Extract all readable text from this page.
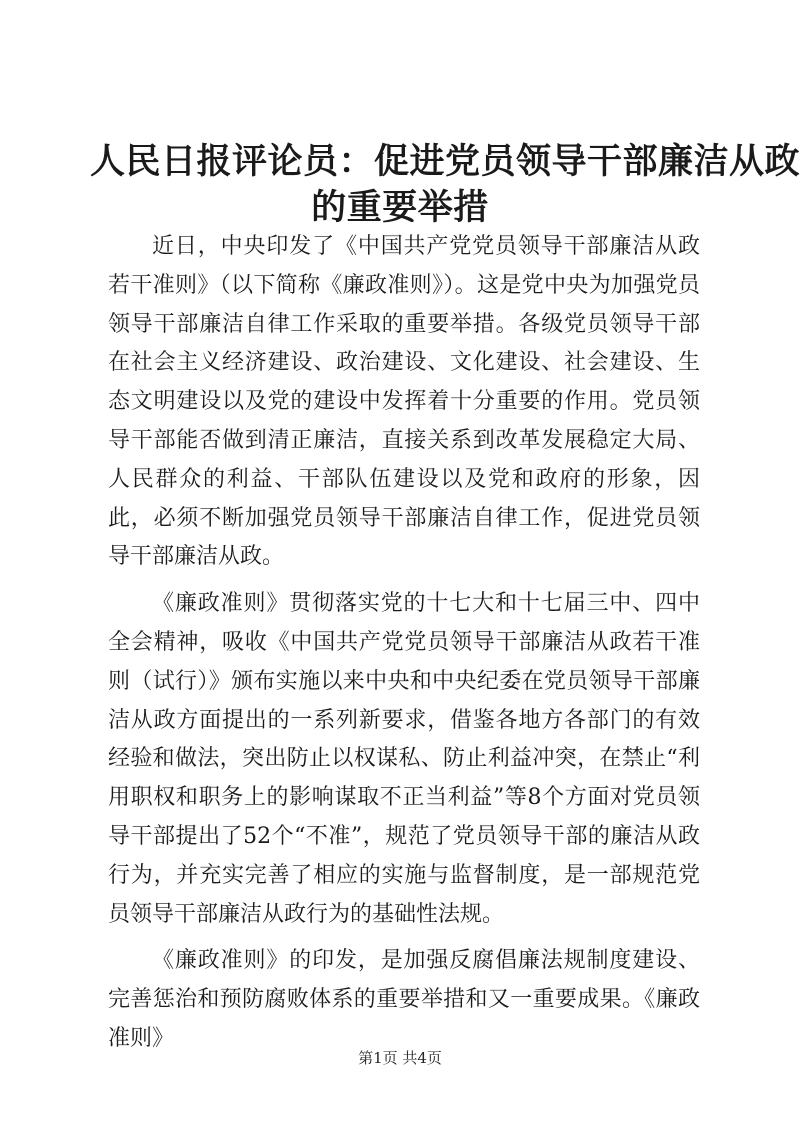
人民日报评论员：促进党员领导干部廉洁从政
的重要举措

近日，中央印发了《中国共产党党员领导干部廉洁从政若干准则》（以下简称《廉政准则》）。这是党中央为加强党员领导干部廉洁自律工作采取的重要举措。各级党员领导干部在社会主义经济建设、政治建设、文化建设、社会建设、生态文明建设以及党的建设中发挥着十分重要的作用。党员领导干部能否做到清正廉洁，直接关系到改革发展稳定大局、人民群众的利益、干部队伍建设以及党和政府的形象，因此，必须不断加强党员领导干部廉洁自律工作，促进党员领导干部廉洁从政。

《廉政准则》贯彻落实党的十七大和十七届三中、四中全会精神，吸收《中国共产党党员领导干部廉洁从政若干准则（试行）》颁布实施以来中央和中央纪委在党员领导干部廉洁从政方面提出的一系列新要求，借鉴各地方各部门的有效经验和做法，突出防止以权谋私、防止利益冲突，在禁止“利用职权和职务上的影响谋取不正当利益”等8个方面对党员领导干部提出了52个“不准”，规范了党员领导干部的廉洁从政行为，并充实完善了相应的实施与监督制度，是一部规范党员领导干部廉洁从政行为的基础性法规。

《廉政准则》的印发，是加强反腐倡廉法规制度建设、完善惩治和预防腐败体系的重要举措和又一重要成果。《廉政准则》

第1页 共4页
